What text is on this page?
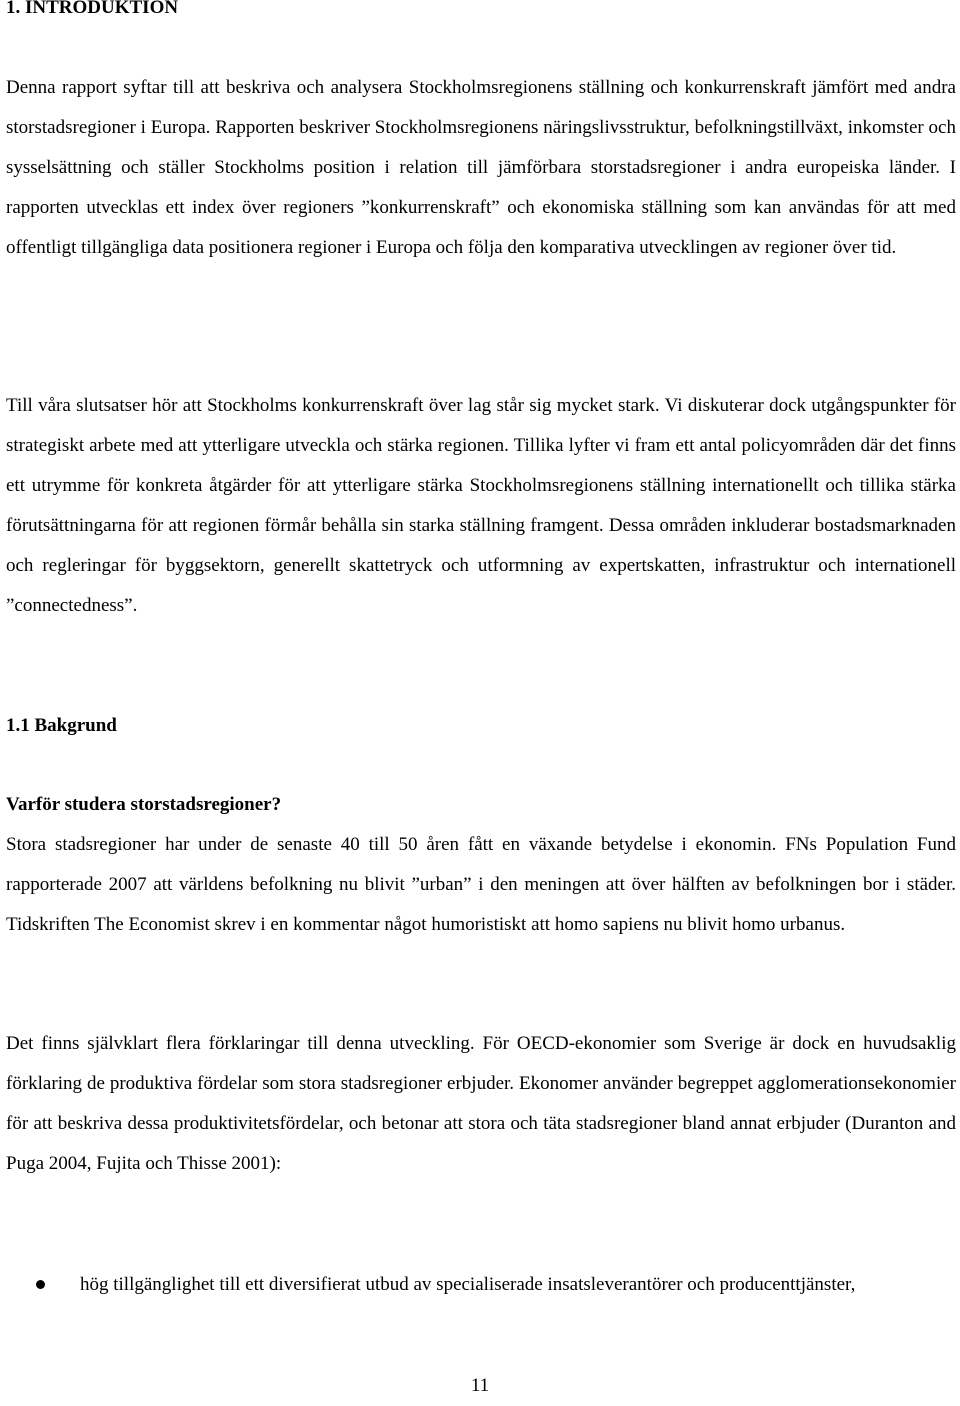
1. INTRODUKTION

Denna rapport syftar till att beskriva och analysera Stockholmsregionens ställning och konkurrenskraft jämfört med andra storstadsregioner i Europa. Rapporten beskriver Stockholmsregionens näringslivsstruktur, befolkningstillväxt, inkomster och sysselsättning och ställer Stockholms position i relation till jämförbara storstadsregioner i andra europeiska länder. I rapporten utvecklas ett index över regioners ”konkurrenskraft” och ekonomiska ställning som kan användas för att med offentligt tillgängliga data positionera regioner i Europa och följa den komparativa utvecklingen av regioner över tid.

Till våra slutsatser hör att Stockholms konkurrenskraft över lag står sig mycket stark. Vi diskuterar dock utgångspunkter för strategiskt arbete med att ytterligare utveckla och stärka regionen. Tillika lyfter vi fram ett antal policyområden där det finns ett utrymme för konkreta åtgärder för att ytterligare stärka Stockholmsregionens ställning internationellt och tillika stärka förutsättningarna för att regionen förmår behålla sin starka ställning framgent. Dessa områden inkluderar bostadsmarknaden och regleringar för byggsektorn, generellt skattetryck och utformning av expertskatten, infrastruktur och internationell ”connectedness”.

1.1 Bakgrund
Varför studera storstadsregioner?

Stora stadsregioner har under de senaste 40 till 50 åren fått en växande betydelse i ekonomin. FNs Population Fund rapporterade 2007 att världens befolkning nu blivit ”urban” i den meningen att över hälften av befolkningen bor i städer. Tidskriften The Economist skrev i en kommentar något humoristiskt att homo sapiens nu blivit homo urbanus.

Det finns självklart flera förklaringar till denna utveckling. För OECD-ekonomier som Sverige är dock en huvudsaklig förklaring de produktiva fördelar som stora stadsregioner erbjuder. Ekonomer använder begreppet agglomerationsekonomier för att beskriva dessa produktivitetsfördelar, och betonar att stora och täta stadsregioner bland annat erbjuder (Duranton and Puga 2004, Fujita och Thisse 2001):

hög tillgänglighet till ett diversifierat utbud av specialiserade insatsleverantörer och producenttjänster,
11
